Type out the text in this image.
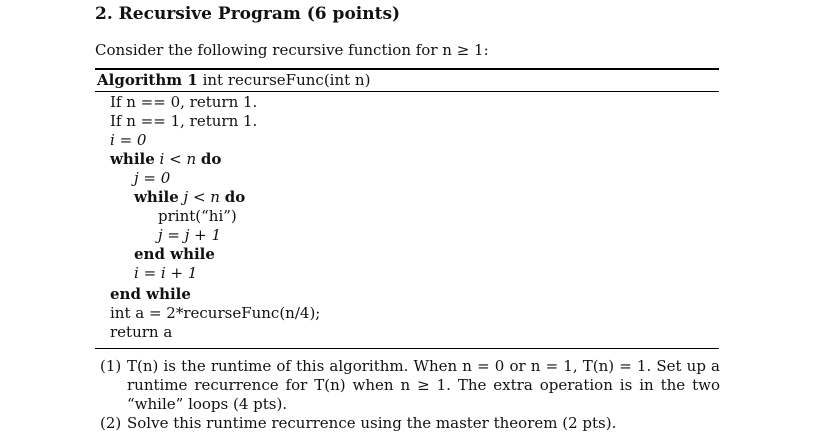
2. Recursive Program (6 points)
Consider the following recursive function for n ≥ 1:
Algorithm 1 int recurseFunc(int n)
If n == 0, return 1.
If n == 1, return 1.
i = 0
while i < n do
j = 0
while j < n do
print(“hi”)
j = j + 1
end while
i = i + 1
end while
int a = 2*recurseFunc(n/4);
return a
(1) T(n) is the runtime of this algorithm. When n = 0 or n = 1, T(n) = 1. Set up a runtime recurrence for T(n) when n ≥ 1. The extra operation is in the two “while” loops (4 pts).
(2) Solve this runtime recurrence using the master theorem (2 pts).
